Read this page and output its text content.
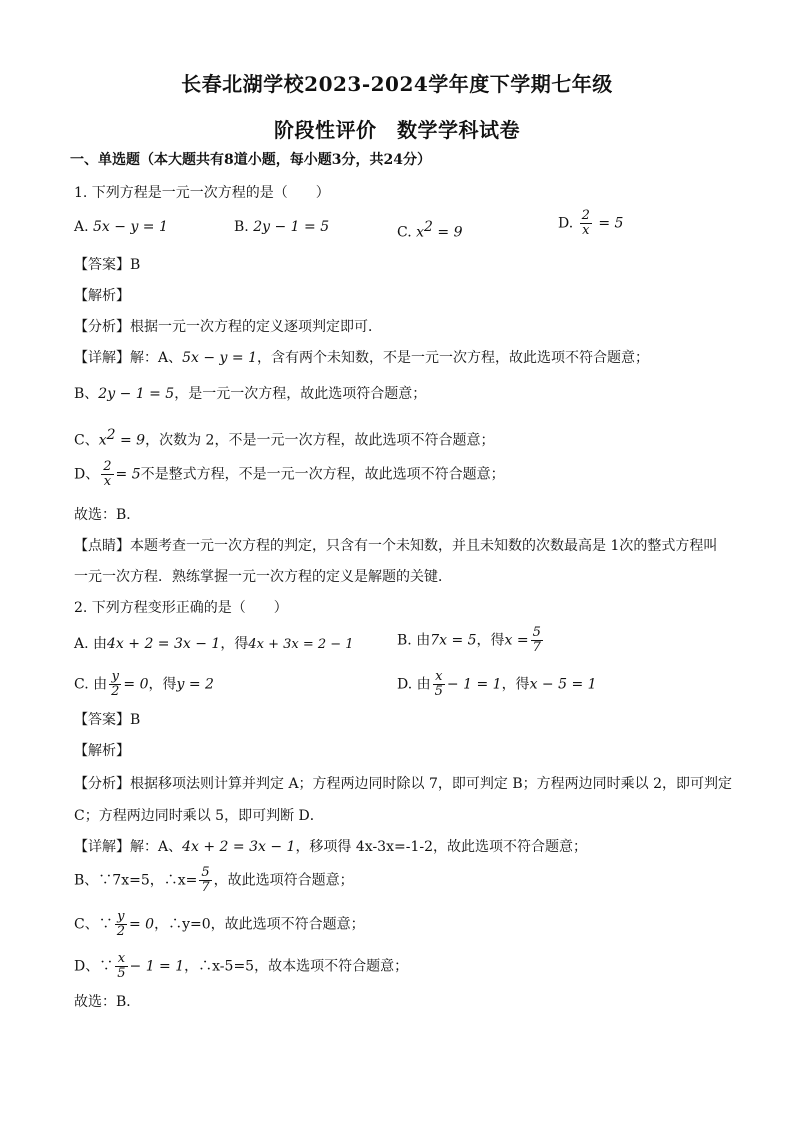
长春北湖学校2023-2024学年度下学期七年级
阶段性评价　数学学科试卷
一、单选题（本大题共有8道小题，每小题3分，共24分）
1. 下列方程是一元一次方程的是（　　）
A. 5x − y = 1	B. 2y − 1 = 5	C. $x^2 = 9$
D. $\frac{2}{x} = 5$
【答案】B
【解析】
【分析】根据一元一次方程的定义逐项判定即可．
【详解】解：A、5x − y = 1，含有两个未知数，不是一元一次方程，故此选项不符合题意；
B、2y − 1 = 5，是一元一次方程，故此选项符合题意；
C、$x^2 = 9$，次数为 2，不是一元一次方程，故此选项不符合题意；
D、 $\frac{2}{x} = 5$不是整式方程，不是一元一次方程，故此选项不符合题意；
故选：B．
【点睛】本题考查一元一次方程的判定，只含有一个未知数，并且未知数的次数最高是 1次的整式方程叫
一元一次方程．熟练掌握一元一次方程的定义是解题的关键．
2. 下列方程变形正确的是（　　）
A. 由4x + 2 = 3x − 1，得4x + 3x = 2 − 1	B. 由7x = 5，得$x = \frac{5}{7}$
C. 由 $\frac{y}{2} = 0$，得y = 2	D. 由 $\frac{x}{5} - 1 = 1$，得x − 5 = 1
【答案】B
【解析】
【分析】根据移项法则计算并判定 A；方程两边同时除以 7，即可判定 B；方程两边同时乘以 2，即可判定
C；方程两边同时乘以 5，即可判断 D．
【详解】解：A、4x + 2 = 3x − 1，移项得 4x-3x=-1-2，故此选项不符合题意；
B、∵7x=5，∴x= $\frac{5}{7}$ ，故此选项符合题意；
C、∵ $\frac{y}{2} = 0$，∴y=0，故此选项不符合题意；
D、∵ $\frac{x}{5} - 1 = 1$，∴x-5=5，故本选项不符合题意；
故选：B．
